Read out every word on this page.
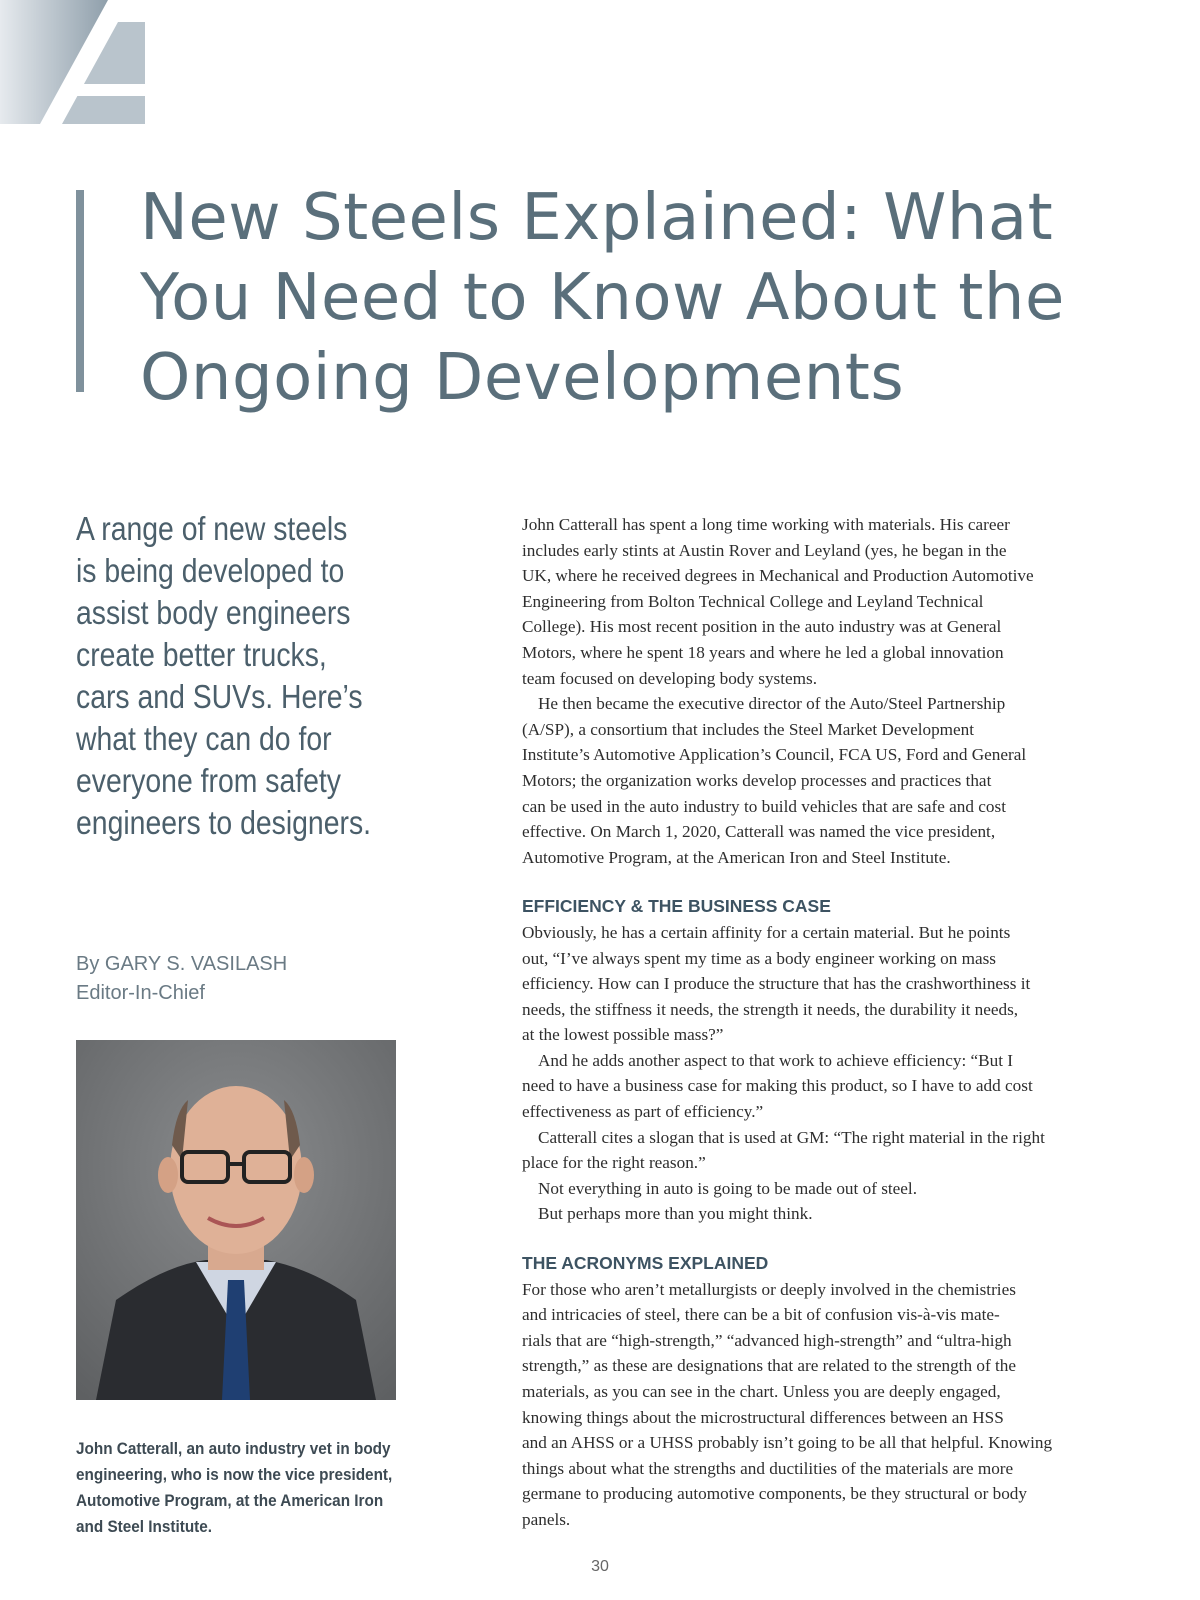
New Steels Explained: What
You Need to Know About the
Ongoing Developments
A range of new steels
is being developed to
assist body engineers
create better trucks,
cars and SUVs. Here’s
what they can do for
everyone from safety
engineers to designers.
By GARY S. VASILASH
Editor-In-Chief
John Catterall, an auto industry vet in body
engineering, who is now the vice president,
Automotive Program, at the American Iron
and Steel Institute.
John Catterall has spent a long time working with materials. His career
includes early stints at Austin Rover and Leyland (yes, he began in the
UK, where he received degrees in Mechanical and Production Automotive
Engineering from Bolton Technical College and Leyland Technical
College). His most recent position in the auto industry was at General
Motors, where he spent 18 years and where he led a global innovation
team focused on developing body systems.
He then became the executive director of the Auto/Steel Partnership
(A/SP), a consortium that includes the Steel Market Development
Institute’s Automotive Application’s Council, FCA US, Ford and General
Motors; the organization works develop processes and practices that
can be used in the auto industry to build vehicles that are safe and cost
effective. On March 1, 2020, Catterall was named the vice president,
Automotive Program, at the American Iron and Steel Institute.
EFFICIENCY & THE BUSINESS CASE
Obviously, he has a certain affinity for a certain material. But he points
out, “I’ve always spent my time as a body engineer working on mass
efficiency. How can I produce the structure that has the crashworthiness it
needs, the stiffness it needs, the strength it needs, the durability it needs,
at the lowest possible mass?”
And he adds another aspect to that work to achieve efficiency: “But I
need to have a business case for making this product, so I have to add cost
effectiveness as part of efficiency.”
Catterall cites a slogan that is used at GM: “The right material in the right
place for the right reason.”
Not everything in auto is going to be made out of steel.
But perhaps more than you might think.
THE ACRONYMS EXPLAINED
For those who aren’t metallurgists or deeply involved in the chemistries
and intricacies of steel, there can be a bit of confusion vis-à-vis mate-
rials that are “high-strength,” “advanced high-strength” and “ultra-high
strength,” as these are designations that are related to the strength of the
materials, as you can see in the chart. Unless you are deeply engaged,
knowing things about the microstructural differences between an HSS
and an AHSS or a UHSS probably isn’t going to be all that helpful. Knowing
things about what the strengths and ductilities of the materials are more
germane to producing automotive components, be they structural or body
panels.
30
